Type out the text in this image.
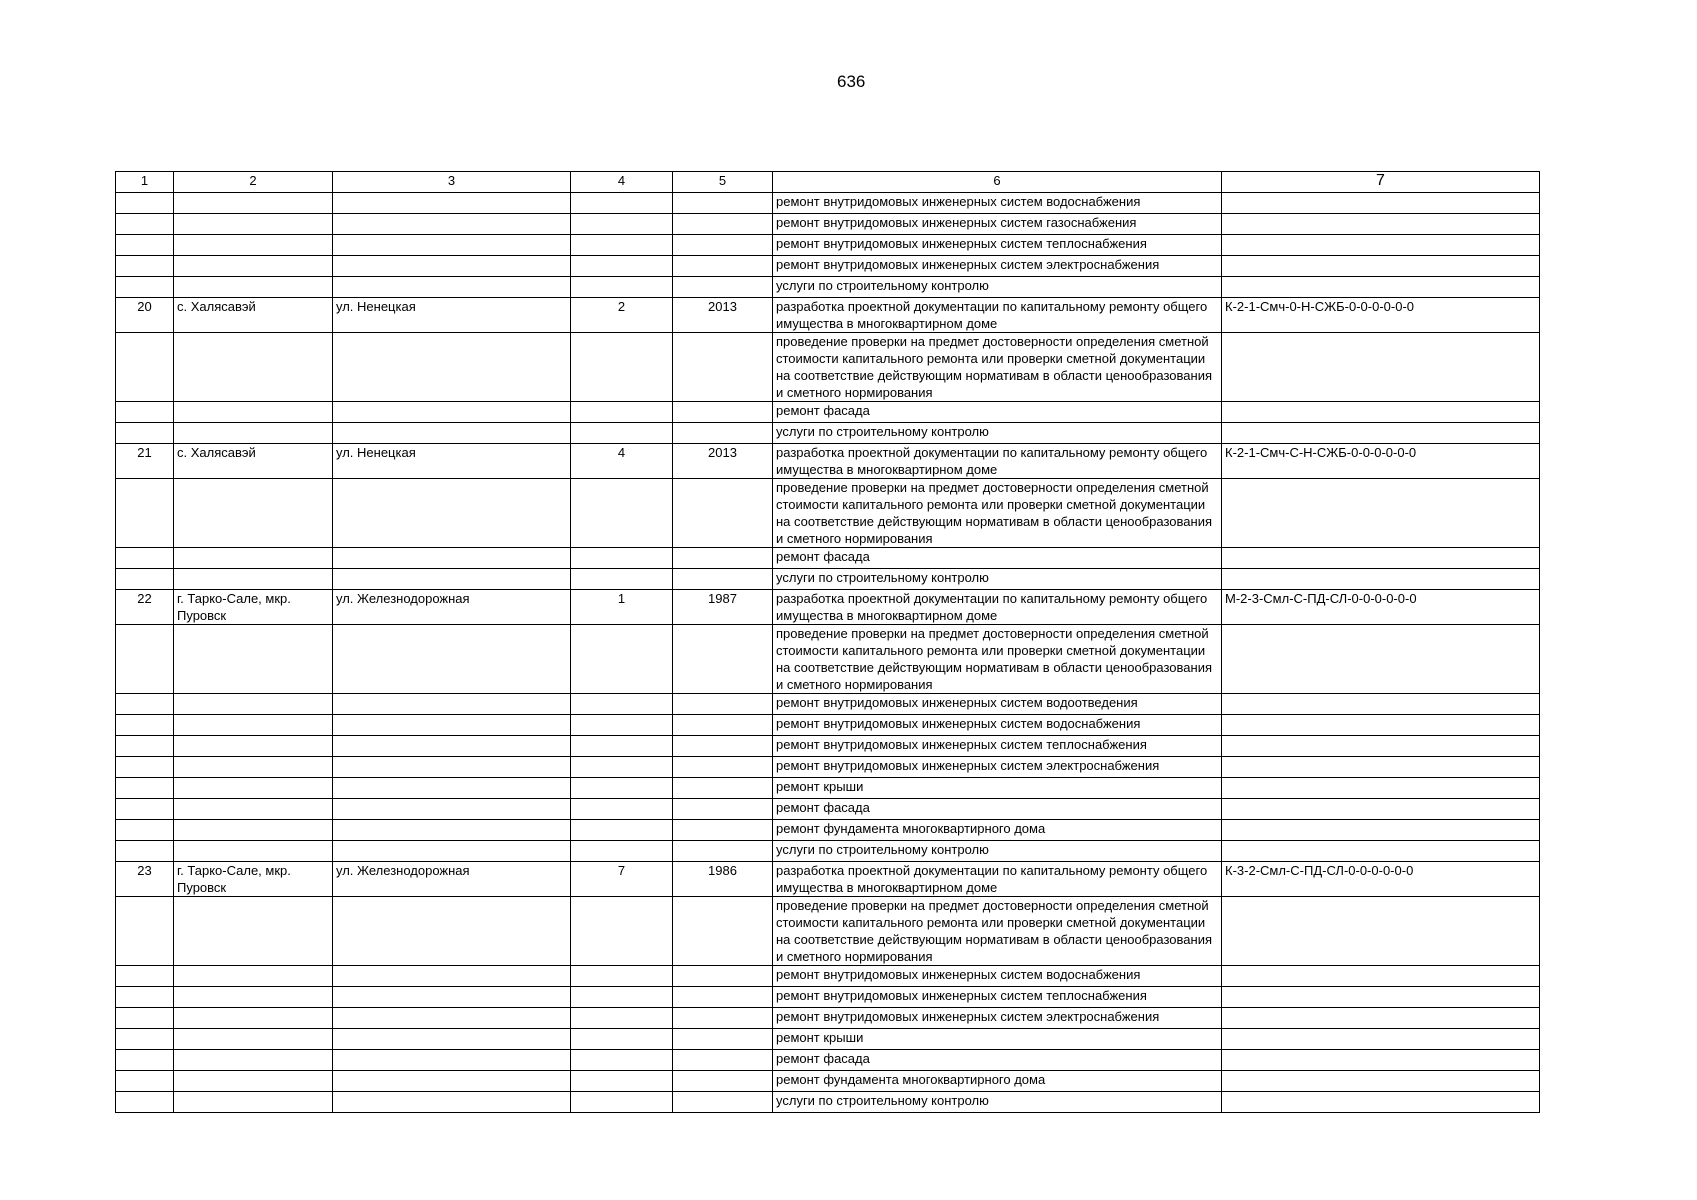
636
1	2	3	4	5	6	7
					ремонт внутридомовых инженерных систем водоснабжения	
					ремонт внутридомовых инженерных систем газоснабжения	
					ремонт внутридомовых инженерных систем теплоснабжения	
					ремонт внутридомовых инженерных систем электроснабжения	
					услуги по строительному контролю	
20	с. Халясавэй	ул. Ненецкая	2	2013	разработка проектной документации по капитальному ремонту общего имущества в многоквартирном доме	К-2-1-Смч-0-Н-СЖБ-0-0-0-0-0-0
					проведение проверки на предмет достоверности определения сметной стоимости капитального ремонта или проверки сметной документации на соответствие действующим нормативам в области ценообразования и сметного нормирования	
					ремонт фасада	
					услуги по строительному контролю	
21	с. Халясавэй	ул. Ненецкая	4	2013	разработка проектной документации по капитальному ремонту общего имущества в многоквартирном доме	К-2-1-Смч-С-Н-СЖБ-0-0-0-0-0-0
					проведение проверки на предмет достоверности определения сметной стоимости капитального ремонта или проверки сметной документации на соответствие действующим нормативам в области ценообразования и сметного нормирования	
					ремонт фасада	
					услуги по строительному контролю	
22	г. Тарко-Сале, мкр. Пуровск	ул. Железнодорожная	1	1987	разработка проектной документации по капитальному ремонту общего имущества в многоквартирном доме	М-2-3-Смл-С-ПД-СЛ-0-0-0-0-0-0
					проведение проверки на предмет достоверности определения сметной стоимости капитального ремонта или проверки сметной документации на соответствие действующим нормативам в области ценообразования и сметного нормирования	
					ремонт внутридомовых инженерных систем водоотведения	
					ремонт внутридомовых инженерных систем водоснабжения	
					ремонт внутридомовых инженерных систем теплоснабжения	
					ремонт внутридомовых инженерных систем электроснабжения	
					ремонт крыши	
					ремонт фасада	
					ремонт фундамента многоквартирного дома	
					услуги по строительному контролю	
23	г. Тарко-Сале, мкр. Пуровск	ул. Железнодорожная	7	1986	разработка проектной документации по капитальному ремонту общего имущества в многоквартирном доме	К-3-2-Смл-С-ПД-СЛ-0-0-0-0-0-0
					проведение проверки на предмет достоверности определения сметной стоимости капитального ремонта или проверки сметной документации на соответствие действующим нормативам в области ценообразования и сметного нормирования	
					ремонт внутридомовых инженерных систем водоснабжения	
					ремонт внутридомовых инженерных систем теплоснабжения	
					ремонт внутридомовых инженерных систем электроснабжения	
					ремонт крыши	
					ремонт фасада	
					ремонт фундамента многоквартирного дома	
					услуги по строительному контролю	
